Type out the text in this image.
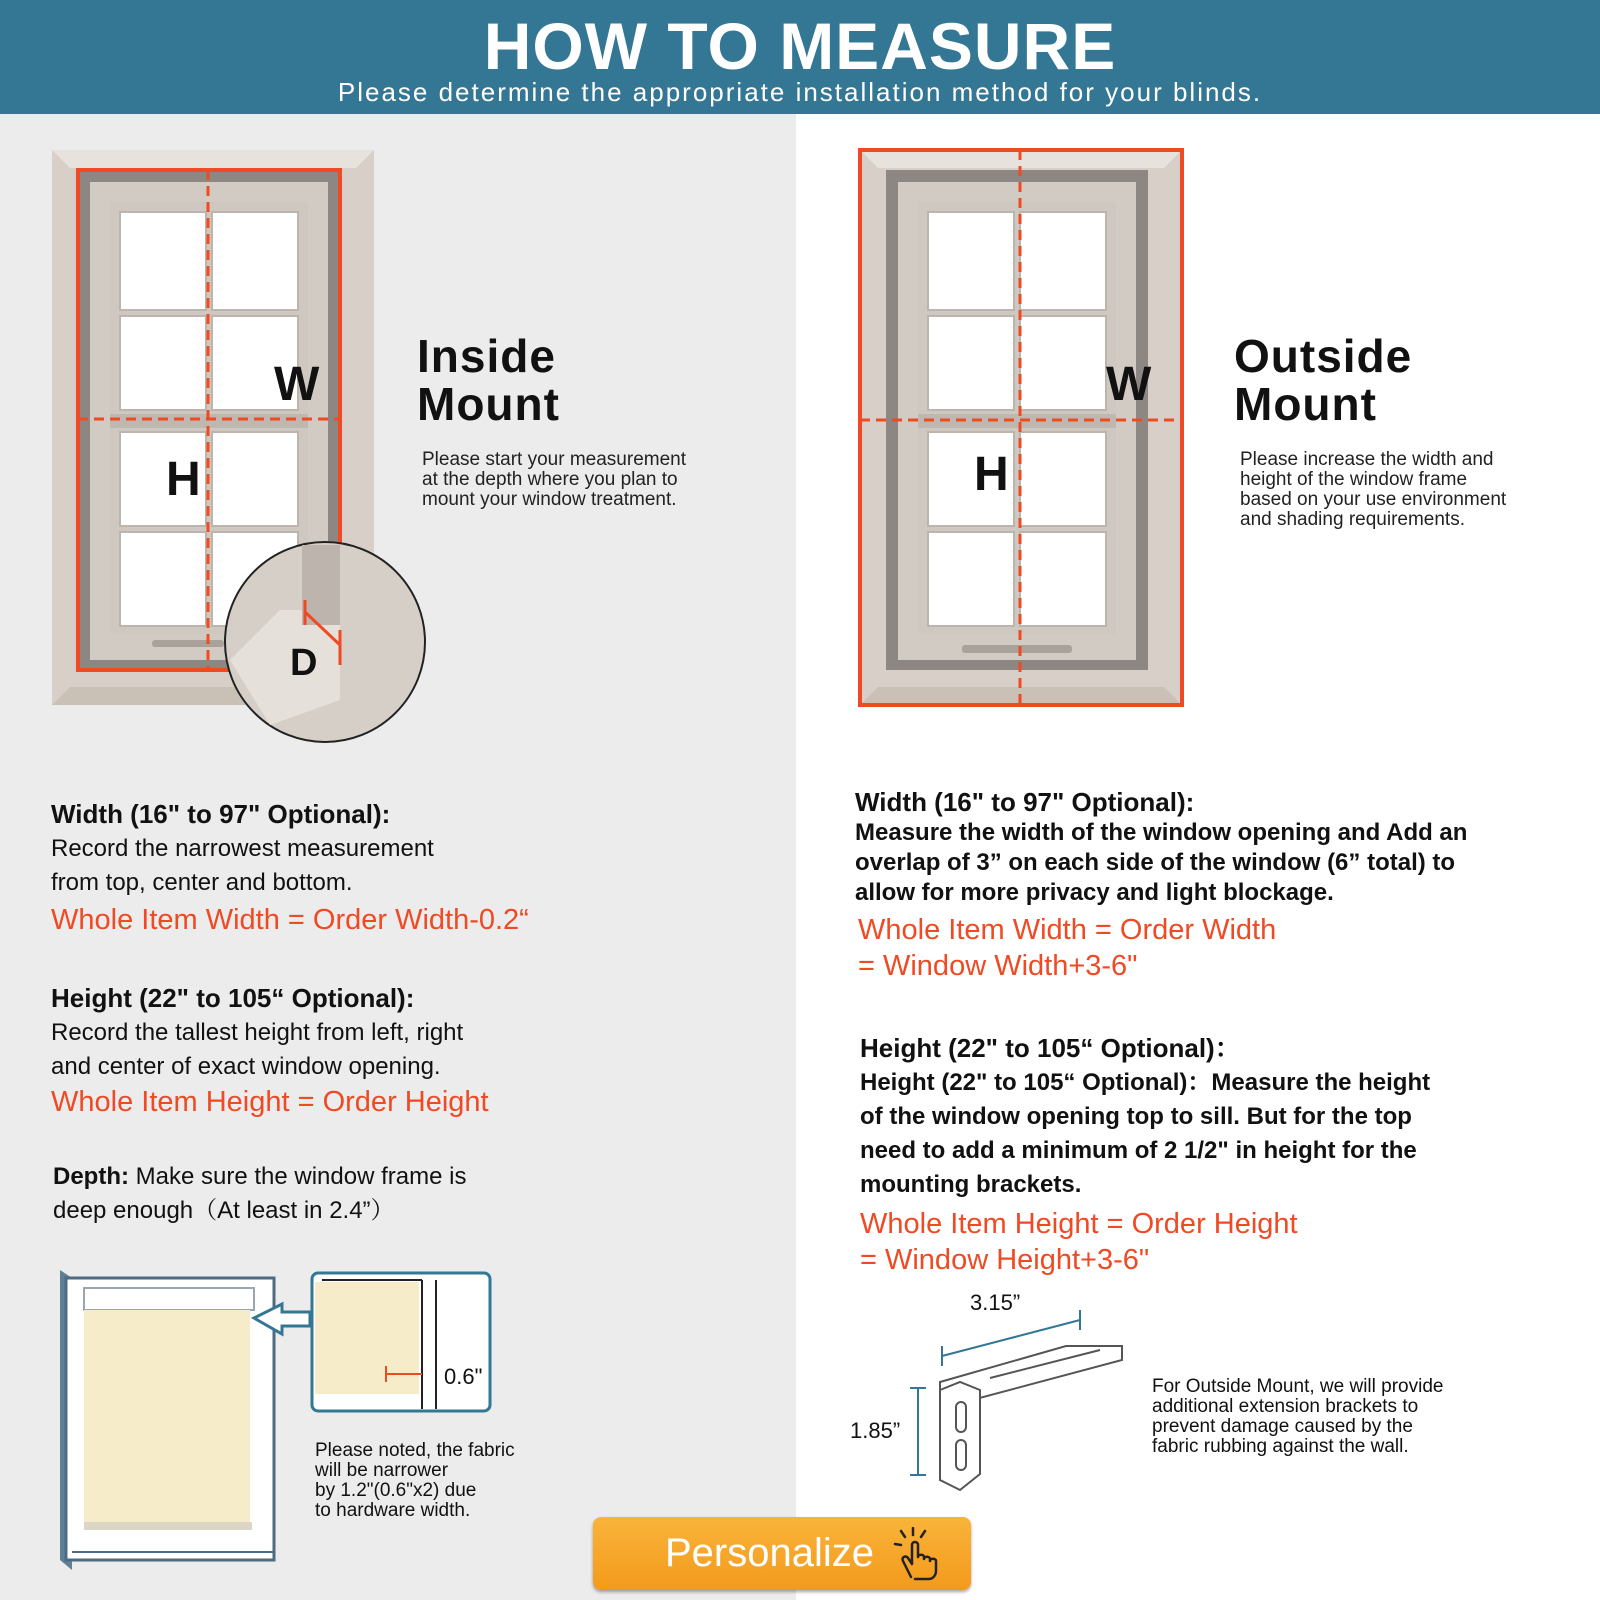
HOW TO MEASURE
Please determine the appropriate installation method for your blinds.
W
H
D
Inside
Mount
Please start your measurement
at the depth where you plan to
mount your window treatment.
W
H
Outside
Mount
Please increase the width and
height of the window frame
based on your use environment
and shading requirements.
Width (16" to 97" Optional):
Record the narrowest measurement
from top, center and bottom.
Whole Item Width = Order Width-0.2“
Height (22" to 105“ Optional):
Record the tallest height from left, right
and center of exact window opening.
Whole Item Height = Order Height
Depth: Make sure the window frame is
deep enough（At least in 2.4”）
0.6"
Please noted, the fabric
will be narrower
by 1.2"(0.6"x2) due
to hardware width.
Width (16" to 97" Optional):
Measure the width of the window opening and Add an
overlap of 3” on each side of the window (6” total) to
allow for more privacy and light blockage.
Whole Item Width = Order Width
= Window Width+3-6"
Height (22" to 105“ Optional)：
Height (22" to 105“ Optional)：Measure the height
of the window opening top to sill. But for the top
need to add a minimum of 2 1/2" in height for the
mounting brackets.
Whole Item Height = Order Height
= Window Height+3-6"
3.15”
1.85”
For Outside Mount, we will provide
additional extension brackets to
prevent damage caused by the
fabric rubbing against the wall.
Personalize
